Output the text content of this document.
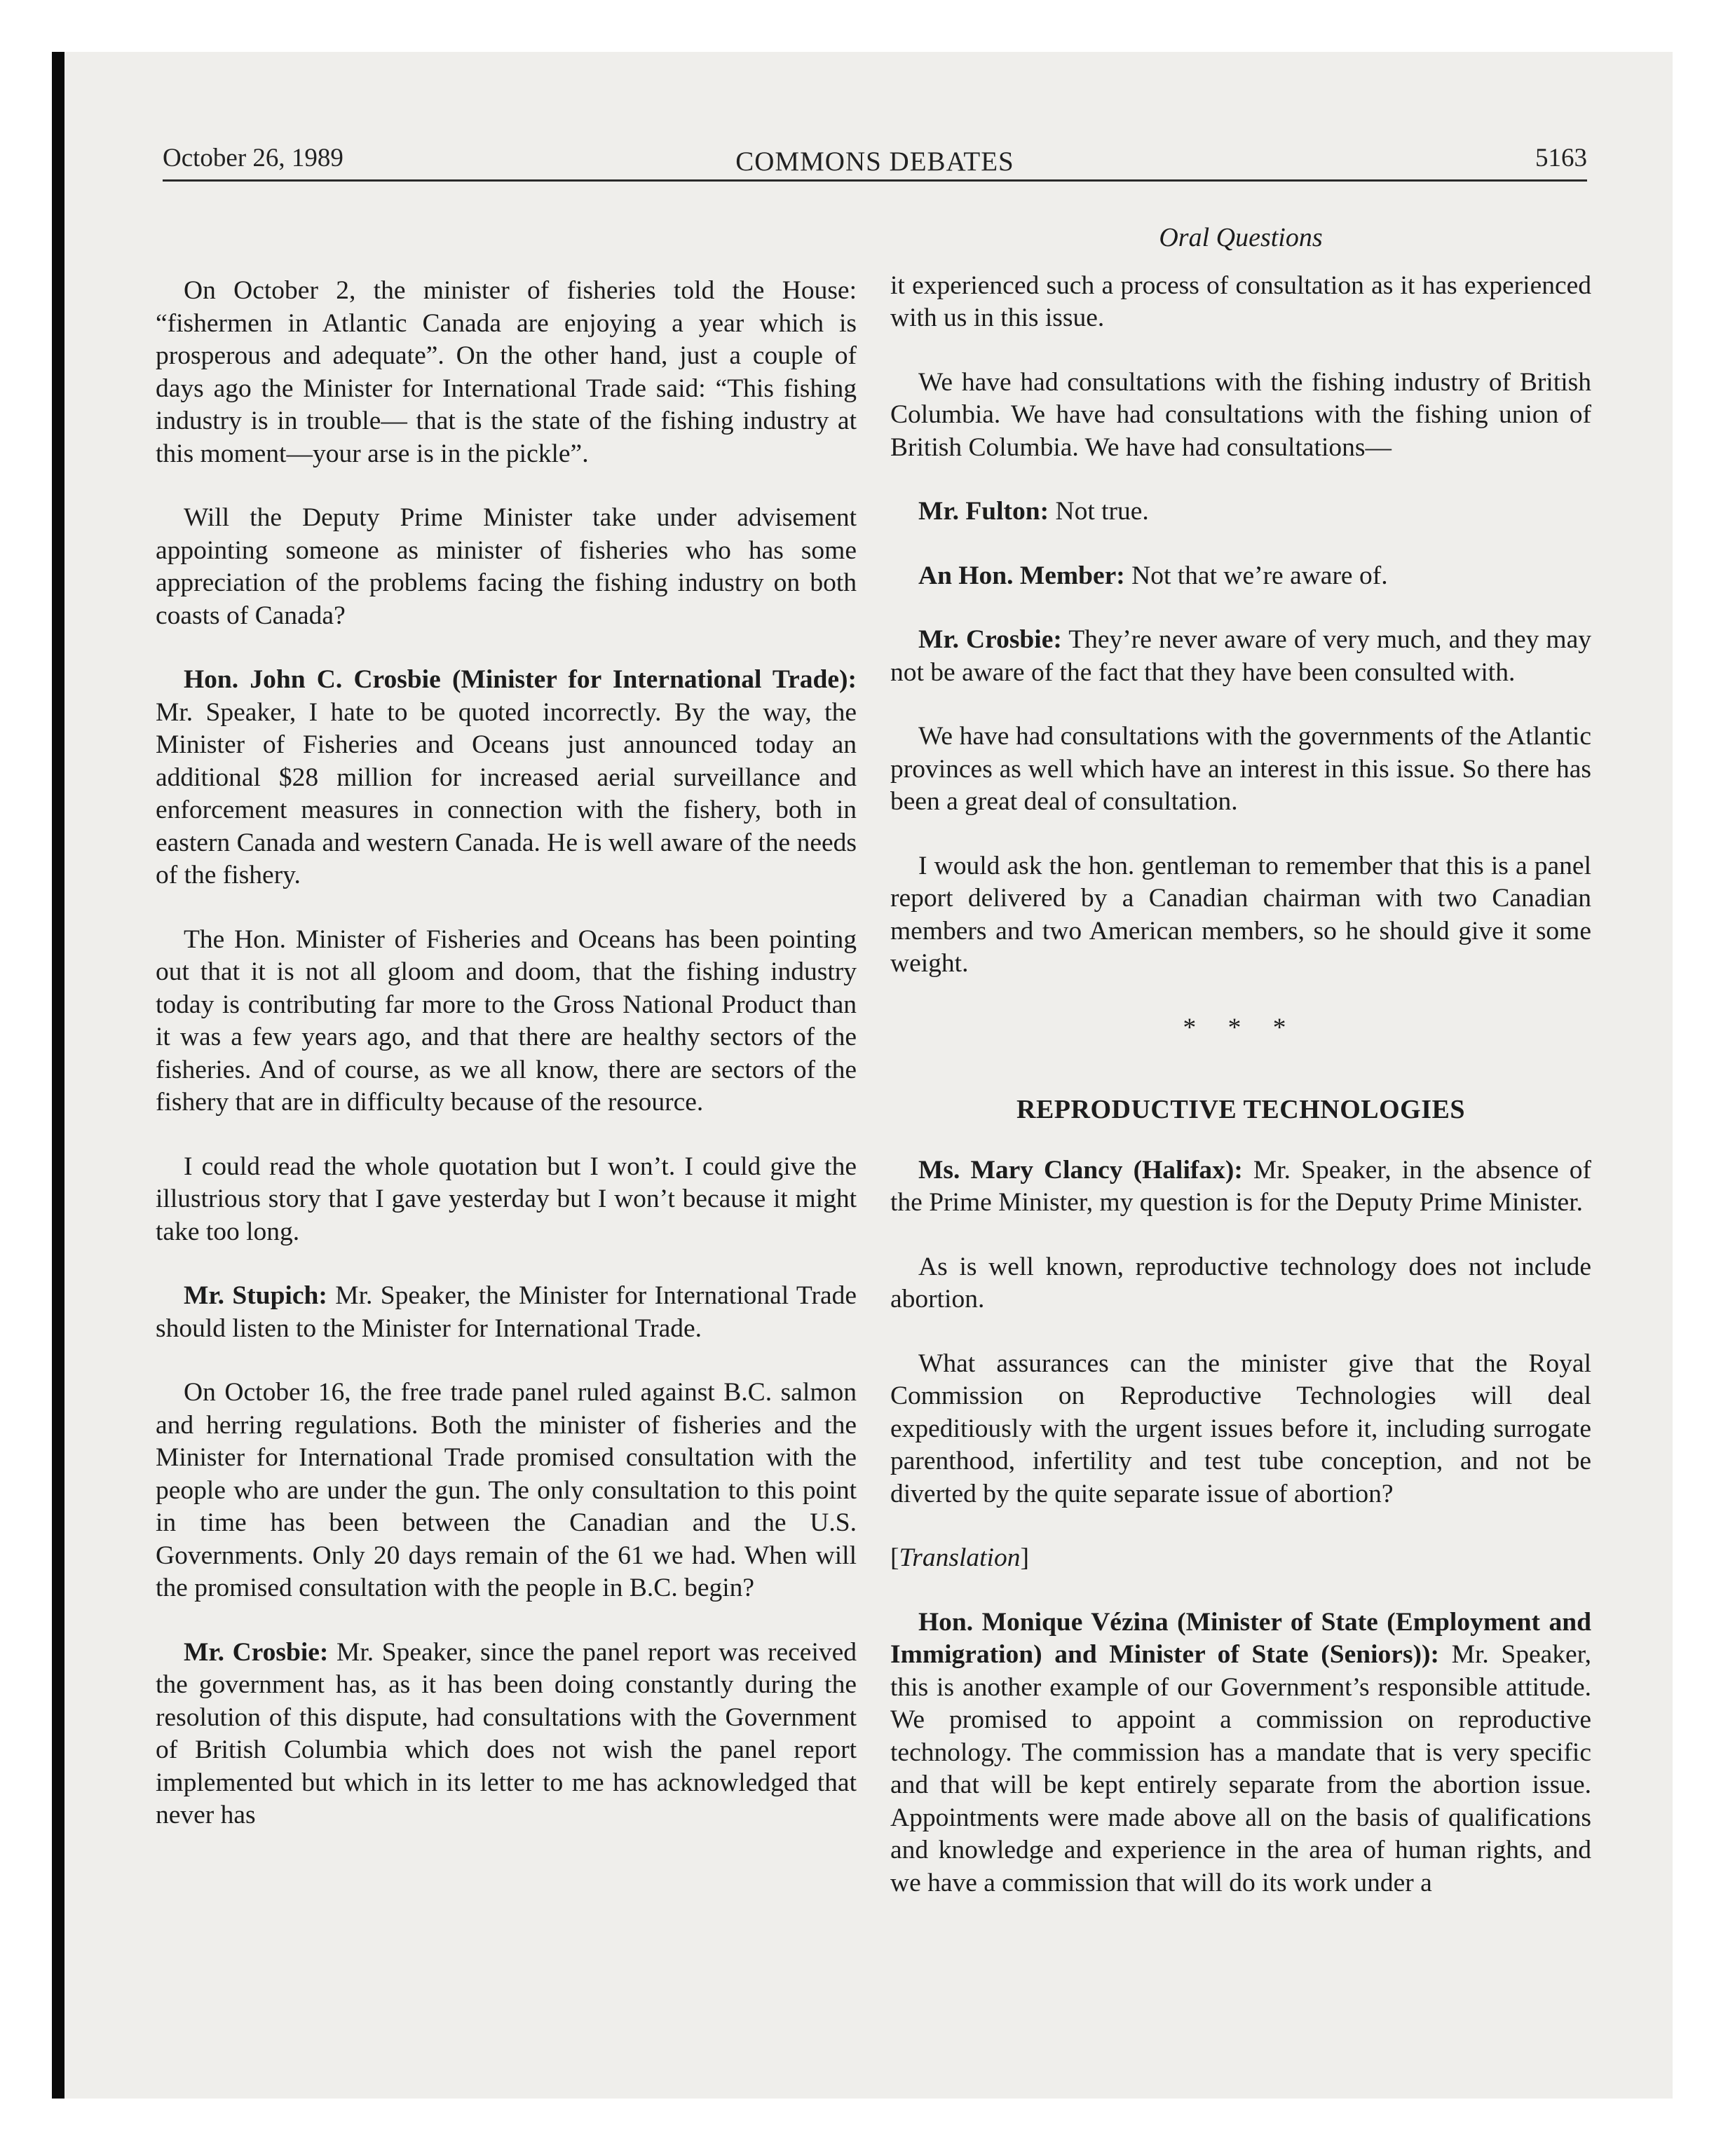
October 26, 1989	COMMONS DEBATES	5163

On October 2, the minister of fisheries told the House: “fishermen in Atlantic Canada are enjoying a year which is prosperous and adequate”. On the other hand, just a couple of days ago the Minister for International Trade said: “This fishing industry is in trouble— that is the state of the fishing industry at this moment—your arse is in the pickle”.

Will the Deputy Prime Minister take under advisement appointing someone as minister of fisheries who has some appreciation of the problems facing the fishing industry on both coasts of Canada?

Hon. John C. Crosbie (Minister for International Trade): Mr. Speaker, I hate to be quoted incorrectly. By the way, the Minister of Fisheries and Oceans just announced today an additional $28 million for increased aerial surveillance and enforcement measures in connection with the fishery, both in eastern Canada and western Canada. He is well aware of the needs of the fishery.

The Hon. Minister of Fisheries and Oceans has been pointing out that it is not all gloom and doom, that the fishing industry today is contributing far more to the Gross National Product than it was a few years ago, and that there are healthy sectors of the fisheries. And of course, as we all know, there are sectors of the fishery that are in difficulty because of the resource.

I could read the whole quotation but I won’t. I could give the illustrious story that I gave yesterday but I won’t because it might take too long.

Mr. Stupich: Mr. Speaker, the Minister for International Trade should listen to the Minister for International Trade.

On October 16, the free trade panel ruled against B.C. salmon and herring regulations. Both the minister of fisheries and the Minister for International Trade promised consultation with the people who are under the gun. The only consultation to this point in time has been between the Canadian and the U.S. Governments. Only 20 days remain of the 61 we had. When will the promised consultation with the people in B.C. begin?

Mr. Crosbie: Mr. Speaker, since the panel report was received the government has, as it has been doing constantly during the resolution of this dispute, had consultations with the Government of British Columbia which does not wish the panel report implemented but which in its letter to me has acknowledged that never has

Oral Questions

it experienced such a process of consultation as it has experienced with us in this issue.

We have had consultations with the fishing industry of British Columbia. We have had consultations with the fishing union of British Columbia. We have had consultations—

Mr. Fulton: Not true.

An Hon. Member: Not that we’re aware of.

Mr. Crosbie: They’re never aware of very much, and they may not be aware of the fact that they have been consulted with.

We have had consultations with the governments of the Atlantic provinces as well which have an interest in this issue. So there has been a great deal of consultation.

I would ask the hon. gentleman to remember that this is a panel report delivered by a Canadian chairman with two Canadian members and two American members, so he should give it some weight.

* * *
REPRODUCTIVE TECHNOLOGIES

Ms. Mary Clancy (Halifax): Mr. Speaker, in the absence of the Prime Minister, my question is for the Deputy Prime Minister.

As is well known, reproductive technology does not include abortion.

What assurances can the minister give that the Royal Commission on Reproductive Technologies will deal expeditiously with the urgent issues before it, including surrogate parenthood, infertility and test tube conception, and not be diverted by the quite separate issue of abortion?

[Translation]

Hon. Monique Vézina (Minister of State (Employment and Immigration) and Minister of State (Seniors)): Mr. Speaker, this is another example of our Government’s responsible attitude. We promised to appoint a commission on reproductive technology. The commission has a mandate that is very specific and that will be kept entirely separate from the abortion issue. Appointments were made above all on the basis of qualifications and knowledge and experience in the area of human rights, and we have a commission that will do its work under a
